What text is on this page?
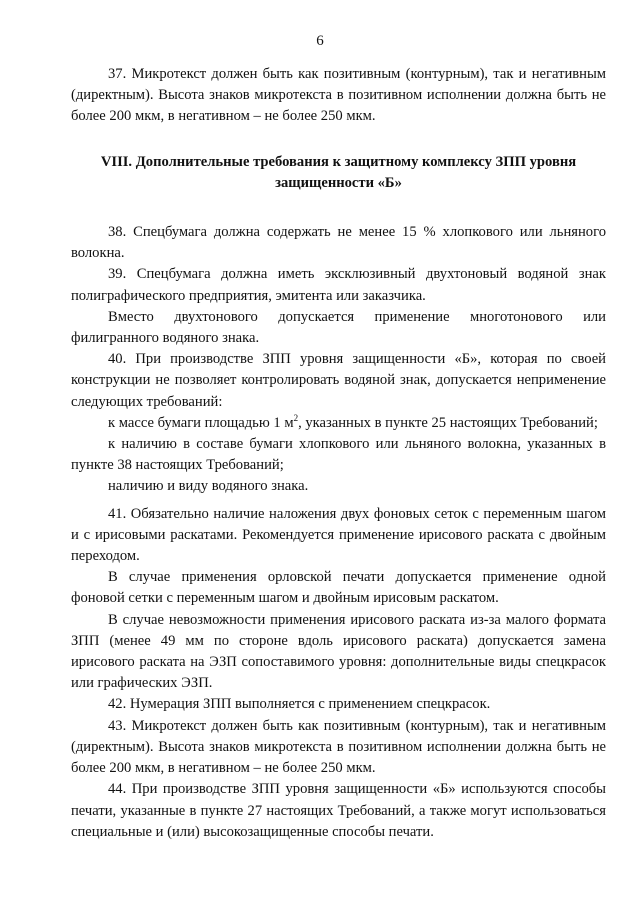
6

37. Микротекст должен быть как позитивным (контурным), так и негативным (директным). Высота знаков микротекста в позитивном исполнении должна быть не более 200 мкм, в негативном – не более 250 мкм.

VIII. Дополнительные требования к защитному комплексу ЗПП уровня защищенности «Б»

38. Спецбумага должна содержать не менее 15 % хлопкового или льняного волокна.

39. Спецбумага должна иметь эксклюзивный двухтоновый водяной знак полиграфического предприятия, эмитента или заказчика.

Вместо двухтонового допускается применение многотонового или филигранного водяного знака.

40. При производстве ЗПП уровня защищенности «Б», которая по своей конструкции не позволяет контролировать водяной знак, допускается неприменение следующих требований:

к массе бумаги площадью 1 $м^2$, указанных в пункте 25 настоящих Требований;

к наличию в составе бумаги хлопкового или льняного волокна, указанных в пункте 38 настоящих Требований;

наличию и виду водяного знака.

41. Обязательно наличие наложения двух фоновых сеток с переменным шагом и с ирисовыми раскатами. Рекомендуется применение ирисового раската с двойным переходом.

В случае применения орловской печати допускается применение одной фоновой сетки с переменным шагом и двойным ирисовым раскатом.

В случае невозможности применения ирисового раската из-за малого формата ЗПП (менее 49 мм по стороне вдоль ирисового раската) допускается замена ирисового раската на ЭЗП сопоставимого уровня: дополнительные виды спецкрасок или графических ЭЗП.

42. Нумерация ЗПП выполняется с применением спецкрасок.

43. Микротекст должен быть как позитивным (контурным), так и негативным (директным). Высота знаков микротекста в позитивном исполнении должна быть не более 200 мкм, в негативном – не более 250 мкм.

44. При производстве ЗПП уровня защищенности «Б» используются способы печати, указанные в пункте 27 настоящих Требований, а также могут использоваться специальные и (или) высокозащищенные способы печати.
